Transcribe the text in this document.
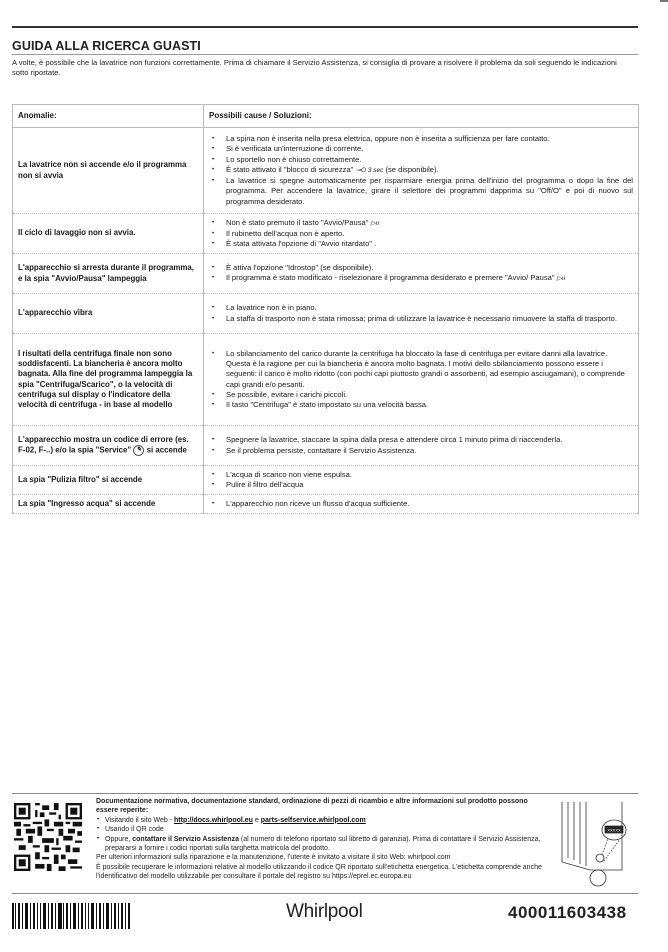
GUIDA ALLA RICERCA GUASTI
A volte, è possibile che la lavatrice non funzioni correttamente. Prima di chiamare il Servizio Assistenza, si consiglia di provare a risolvere il problema da soli seguendo le indicazioni sotto riportate.
Anomalie:	Possibili cause / Soluzioni:
La lavatrice non si accende e/o il programma non si avvia	
• La spina non è inserita nella presa elettrica, oppure non è inserita a sufficienza per fare contatto.
• Si è verificata un'interruzione di corrente.
• Lo sportello non è chiuso correttamente.
• È stato attivato il "blocco di sicurezza" ⊸O 3 sec (se disponibile).
• La lavatrice si spegne automaticamente per risparmiare energia prima dell'inizio del programma o dopo la fine del programma. Per accendere la lavatrice, girare il selettore dei programmi dapprima su "Off/O" e poi di nuovo sul programma desiderato.

Il ciclo di lavaggio non si avvia.	
• Non è stato premuto il tasto "Avvio/Pausa" ▷ıı
• Il rubinetto dell'acqua non è aperto.
• È stata attivata l'opzione di "Avvio ritardato" .

L'apparecchio si arresta durante il programma, e la spia "Avvio/Pausa" lampeggia	
• È attiva l'opzione "Idrostop" (se disponibile).
• Il programma è stato modificato - riselezionare il programma desiderato e premere "Avvio/ Pausa" ▷ıı

L'apparecchio vibra	
• La lavatrice non è in piano.
• La staffa di trasporto non è stata rimossa; prima di utilizzare la lavatrice è necessario rimuovere la staffa di trasporto.

I risultati della centrifuga finale non sono soddisfacenti. La biancheria è ancora molto bagnata. Alla fine del programma lampeggia la spia "Centrifuga/Scarico", o la velocità di centrifuga sul display o l'indicatore della velocità di centrifuga - in base al modello	
• Lo sbilanciamento del carico durante la centrifuga ha bloccato la fase di centrifuga per evitare danni alla lavatrice. Questa è la ragione per cui la biancheria è ancora molto bagnata. I motivi dello sbilanciamento possono essere i seguenti: il carico è molto ridotto (con pochi capi piuttosto grandi o assorbenti, ad esempio asciugamani), o comprende capi grandi e/o pesanti.
• Se possibile, evitare i carichi piccoli.
• Il tasto "Centrifuga" è stato impostato su una velocità bassa.

L'apparecchio mostra un codice di errore (es. F-02, F-..) e/o la spia "Service" ✎ si accende	
• Spegnere la lavatrice, staccare la spina dalla presa e attendere circa 1 minuto prima di riaccenderla.
• Se il problema persiste, contattare il Servizio Assistenza.

La spia "Pulizia filtro" si accende	
• L'acqua di scarico non viene espulsa.
• Pulire il filtro dell'acqua

La spia "Ingresso acqua" si accende	
•L'apparecchio non riceve un flusso d'acqua sufficiente.
Documentazione normativa, documentazione standard, ordinazione di pezzi di ricambio e altre informazioni sul prodotto possono essere reperite:
• Visitando il sito Web - http://docs.whirlpool.eu e parts-selfservice.whirlpool.com
• Usando il QR code
• Oppure, contattare il Servizio Assistenza (al numero di telefono riportato sul libretto di garanzia). Prima di contattare il Servizio Assistenza, prepararsi a fornire i codici riportati sulla targhetta matricola del prodotto.
Per ulteriori informazioni sulla riparazione e la manutenzione, l'utente è invitato a visitare il sito Web: whirlpool.com
È possibile recuperare le informazioni relative al modello utilizzando il codice QR riportato sull'etichetta energetica. L'etichetta comprende anche l'identificativo del modello utilizzabile per consultare il portale del registro su https://eprel.ec.europa.eu
XXXXX
Whirlpool	400011603438
